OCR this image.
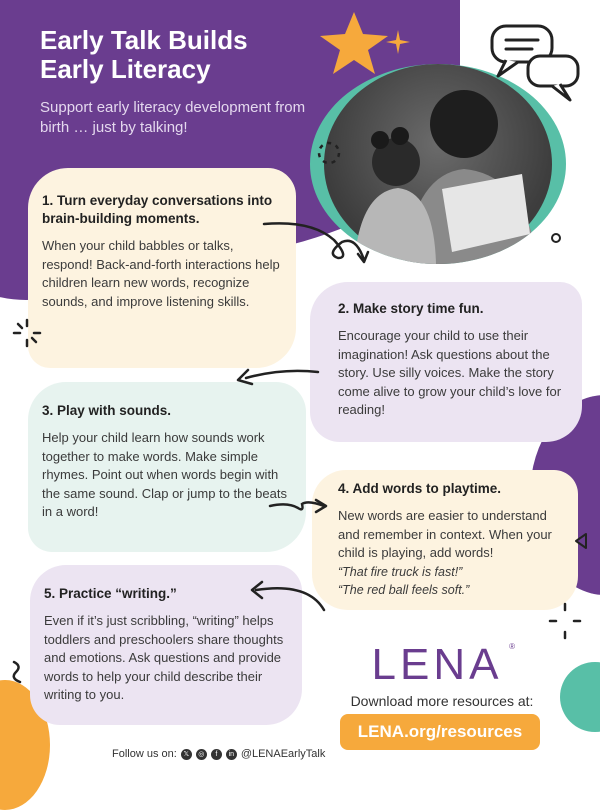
Early Talk Builds
Early Literacy
Support early literacy development from birth … just by talking!
1. Turn everyday conversations into brain-building moments.
When your child babbles or talks, respond! Back-and-forth interactions help children learn new words, recognize sounds, and improve listening skills.	2. Make story time fun.
Encourage your child to use their imagination! Ask questions about the story. Use silly voices. Make the story come alive to grow your child’s love for reading!
3. Play with sounds.
Help your child learn how sounds work together to make words. Make simple rhymes. Point out when words begin with the same sound. Clap or jump to the beats in a word!
4. Add words to playtime.
New words are easier to understand and remember in context. When your child is playing, add words!
“That fire truck is fast!”
“The red ball feels soft.”
5. Practice “writing.”
Even if it’s just scribbling, “writing” helps toddlers and preschoolers share thoughts and emotions. Ask questions and provide words to help your child describe their writing to you.
LENA ®
Download more resources at:
LENA.org/resources
Follow us on: 𝕏	◎	f	in @LENAEarlyTalk
